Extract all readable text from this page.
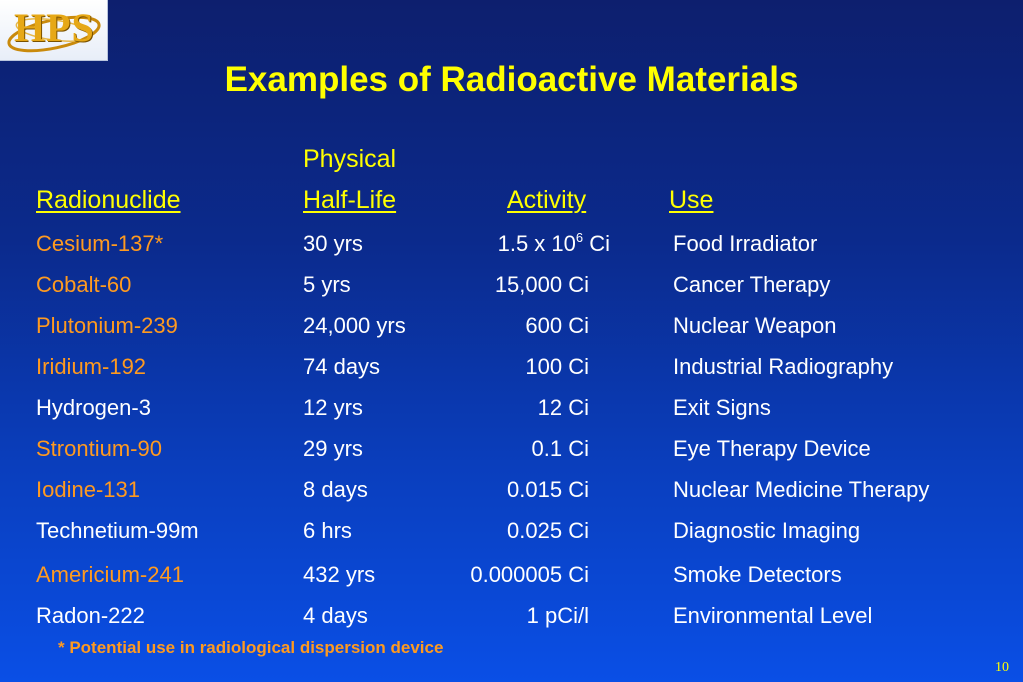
HPS
Examples of Radioactive Materials
Physical
Radionuclide	Half-Life	Activity	Use
Cesium-137*	30 yrs	1.5 x $10^6$ Ci	Food Irradiator
Cobalt-60	5 yrs	15,000 Ci	Cancer Therapy
Plutonium-239	24,000 yrs	600 Ci	Nuclear Weapon
Iridium-192	74 days	100 Ci	Industrial Radiography
Hydrogen-3	12 yrs	12 Ci	Exit Signs
Strontium-90	29 yrs	0.1 Ci	Eye Therapy Device
Iodine-131	8 days	0.015 Ci	Nuclear Medicine Therapy
Technetium-99m	6 hrs	0.025 Ci	Diagnostic Imaging
Americium-241	432 yrs	0.000005 Ci	Smoke Detectors
Radon-222	4 days	1 pCi/l	Environmental Level
* Potential use in radiological dispersion device
10
